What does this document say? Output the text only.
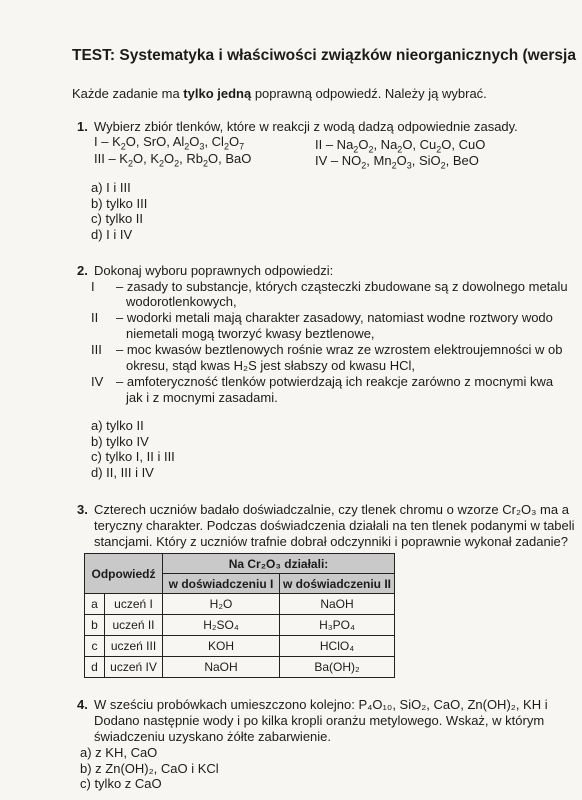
TEST: Systematyka i właściwości związków nieorganicznych (wersja
Każde zadanie ma tylko jedną poprawną odpowiedź. Należy ją wybrać.
1. Wybierz zbiór tlenków, które w reakcji z wodą dadzą odpowiednie zasady.
I – $K_2O$, SrO, $Al_2O_3$, $Cl_2O_7$	II – $Na_2O_2$, $Na_2O$, $Cu_2O$, CuO
III – $K_2O$, $K_2O_2$, $Rb_2O$, BaO	IV – $NO_2$, $Mn_2O_3$, SiO$_2$, BeO
a) I i III
b) tylko III
c) tylko II
d) I i IV
2. Dokonaj wyboru poprawnych odpowiedzi:
I – zasady to substancje, których cząsteczki zbudowane są z dowolnego metalu
wodorotlenkowych,
II – wodorki metali mają charakter zasadowy, natomiast wodne roztwory wodo
niemetali mogą tworzyć kwasy beztlenowe,
III – moc kwasów beztlenowych rośnie wraz ze wzrostem elektroujemności w ob
okresu, stąd kwas H₂S jest słabszy od kwasu HCl,
IV – amfoteryczność tlenków potwierdzają ich reakcje zarówno z mocnymi kwa
jak i z mocnymi zasadami.
a) tylko II
b) tylko IV
c) tylko I, II i III
d) II, III i IV
3. Czterech uczniów badało doświadczalnie, czy tlenek chromu o wzorze Cr₂O₃ ma a
teryczny charakter. Podczas doświadczenia działali na ten tlenek podanymi w tabeli
stancjami. Który z uczniów trafnie dobrał odczynniki i poprawnie wykonał zadanie?
Odpowiedź		Na Cr₂O₃ działali:	
		w doświadczeniu I	w doświadczeniu II
a	uczeń I	H₂O	NaOH
b	uczeń II	H₂SO₄	H₃PO₄
c	uczeń III	KOH	HClO₄
d	uczeń IV	NaOH	Ba(OH)₂
4. W sześciu probówkach umieszczono kolejno: P₄O₁₀, SiO₂, CaO, Zn(OH)₂, KH i
Dodano następnie wody i po kilka kropli oranżu metylowego. Wskaż, w którym
świadczeniu uzyskano żółte zabarwienie.
a) z KH, CaO
b) z Zn(OH)₂, CaO i KCl
c) tylko z CaO
